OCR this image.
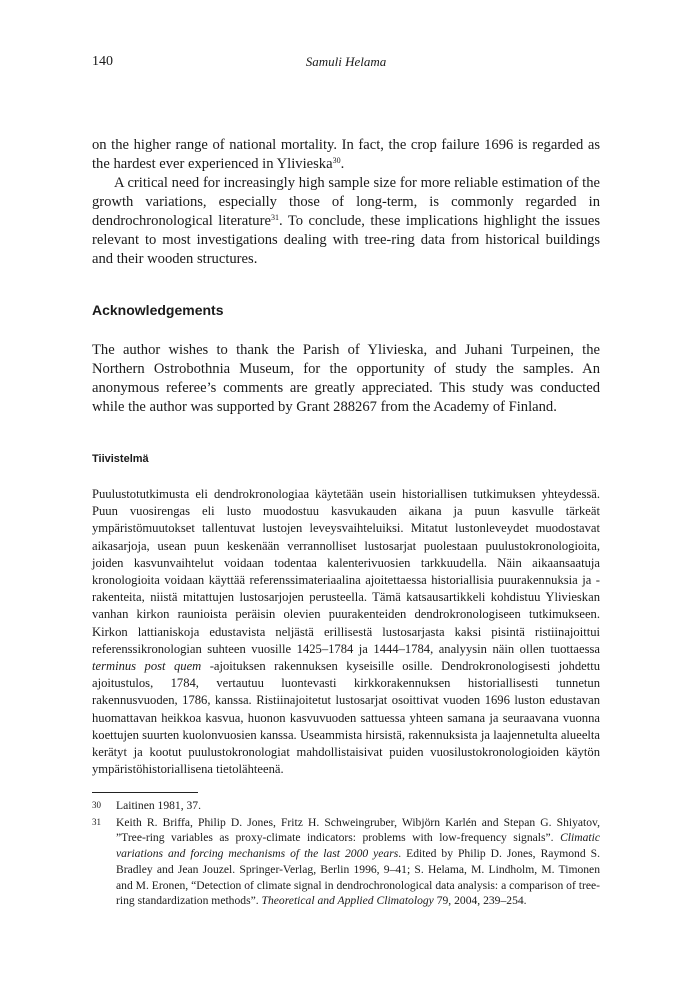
140	Samuli Helama

on the higher range of national mortality. In fact, the crop failure 1696 is regarded as the hardest ever experienced in Ylivieska$^{30}$.

A critical need for increasingly high sample size for more reliable estimation of the growth variations, especially those of long-term, is commonly regarded in dendrochronological literature$^{31}$. To conclude, these implications highlight the issues relevant to most investigations dealing with tree-ring data from historical buildings and their wooden structures.

Acknowledgements

The author wishes to thank the Parish of Ylivieska, and Juhani Turpeinen, the Northern Ostrobothnia Museum, for the opportunity of study the samples. An anonymous referee’s comments are greatly appreciated. This study was conducted while the author was supported by Grant 288267 from the Academy of Finland.

Tiivistelmä

Puulustotutkimusta eli dendrokronologiaa käytetään usein historiallisen tutkimuksen yhteydessä. Puun vuosirengas eli lusto muodostuu kasvukauden aikana ja puun kasvulle tärkeät ympäristömuutokset tallentuvat lustojen leveysvaihteluiksi. Mitatut lustonleveydet muodostavat aikasarjoja, usean puun keskenään verrannolliset lustosarjat puolestaan puulustokronologioita, joiden kasvunvaihtelut voidaan todentaa kalenterivuosien tarkkuudella. Näin aikaansaatuja kronologioita voidaan käyttää referenssimateriaalina ajoitettaessa historiallisia puurakennuksia ja -rakenteita, niistä mitattujen lustosarjojen perusteella. Tämä katsausartikkeli kohdistuu Ylivieskan vanhan kirkon raunioista peräisin olevien puurakenteiden dendrokronologiseen tutkimukseen. Kirkon lattianiskoja edustavista neljästä erillisestä lustosarjasta kaksi pisintä ristiinajoittui referenssikronologian suhteen vuosille 1425–1784 ja 1444–1784, analyysin näin ollen tuottaessa terminus post quem -ajoituksen rakennuksen kyseisille osille. Dendrokronologisesti johdettu ajoitustulos, 1784, vertautuu luontevasti kirkkorakennuksen historiallisesti tunnetun rakennusvuoden, 1786, kanssa. Ristiinajoitetut lustosarjat osoittivat vuoden 1696 luston edustavan huomattavan heikkoa kasvua, huonon kasvuvuoden sattuessa yhteen samana ja seuraavana vuonna koettujen suurten kuolonvuosien kanssa. Useammista hirsistä, rakennuksista ja laajennetulta alueelta kerätyt ja kootut puulustokronologiat mahdollistaisivat puiden vuosilustokronologioiden käytön ympäristöhistoriallisena tietolähteenä.

30	Laitinen 1981, 37.
31	Keith R. Briffa, Philip D. Jones, Fritz H. Schweingruber, Wibjörn Karlén and Stepan G. Shiyatov, ”Tree-ring variables as proxy-climate indicators: problems with low-frequency signals”. Climatic variations and forcing mechanisms of the last 2000 years. Edited by Philip D. Jones, Raymond S. Bradley and Jean Jouzel. Springer-Verlag, Berlin 1996, 9–41; S. Helama, M. Lindholm, M. Timonen and M. Eronen, “Detection of climate signal in dendrochronological data analysis: a comparison of tree-ring standardization methods”. Theoretical and Applied Climatology 79, 2004, 239–254.
